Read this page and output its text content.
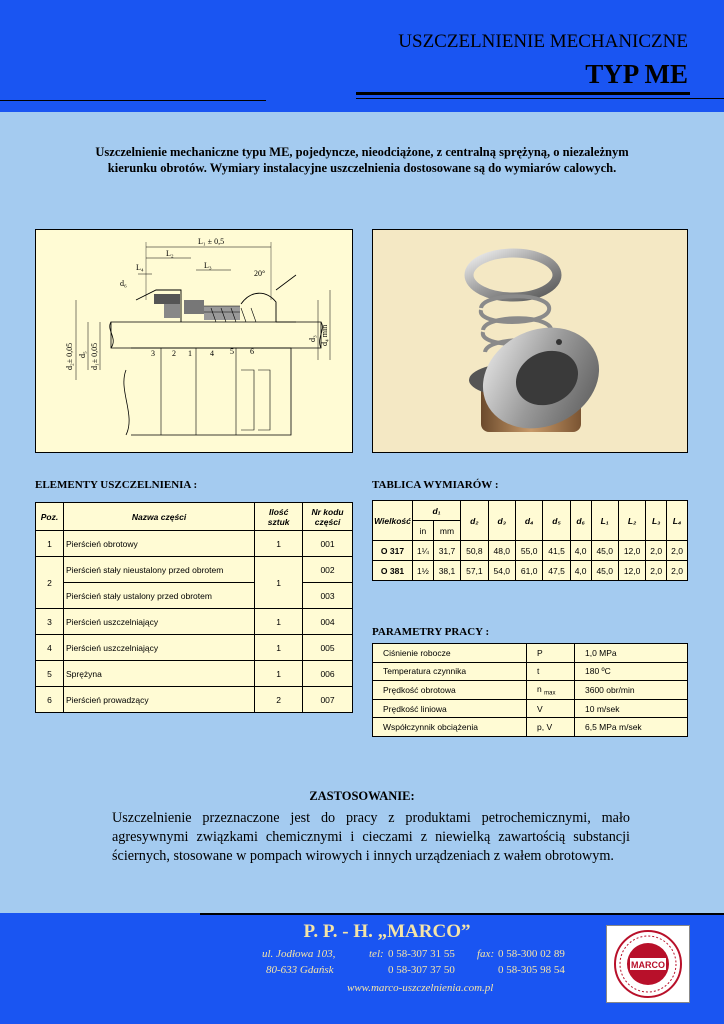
USZCZELNIENIE MECHANICZNE
TYP ME
Uszczelnienie mechaniczne typu ME, pojedyncze, nieodciążone, z centralną sprężyną, o niezależnym
kierunku obrotów. Wymiary instalacyjne uszczelnienia dostosowane są do wymiarów calowych.
L₁ ± 0,5
L₂
L₃
L₄
d₆
20°
d₂± 0,05 d₅ d₁± 0,05
d₃ d₄ min
3 2 1 4 5 6
ELEMENTY USZCZELNIENIA :
Poz.	Nazwa części	Ilość sztuk	Nr kodu części
1	Pierścień obrotowy	1	001
2	Pierścień stały nieustalony przed obrotem	1	002
	Pierścień stały ustalony przed obrotem		003
3	Pierścień uszczelniający	1	004
4	Pierścień uszczelniający	1	005
5	Sprężyna	1	006
6	Pierścień prowadzący	2	007
TABLICA WYMIARÓW :
Wielkość	d₁		d₂	d₃	d₄	d₅	d₆	L₁	L₂	L₃	L₄
	in	mm									
O 317	1¼	31,7	50,8	48,0	55,0	41,5	4,0	45,0	12,0	2,0	2,0
O 381	1½	38,1	57,1	54,0	61,0	47,5	4,0	45,0	12,0	2,0	2,0
PARAMETRY PRACY :
Ciśnienie robocze	P	1,0 MPa
Temperatura czynnika	t	180 ºC
Prędkość obrotowa	n $_{max}$	3600 obr/min
Prędkość liniowa	V	10 m/sek
Współczynnik obciążenia	p, V	6,5 MPa m/sek
ZASTOSOWANIE:
Uszczelnienie przeznaczone jest do pracy z produktami petrochemicznymi, mało agresywnymi związkami chemicznymi i cieczami z niewielką zawartością substancji ściernych, stosowane w pompach wirowych i innych urządzeniach z wałem obrotowym.
P. P. - H. „MARCO”
ul. Jodłowa 103,
80-633 Gdańsk
tel: 0 58-307 31 55
0 58-307 37 50
fax: 0 58-300 02 89
0 58-305 98 54
www.marco-uszczelnienia.com.pl
MARCO
